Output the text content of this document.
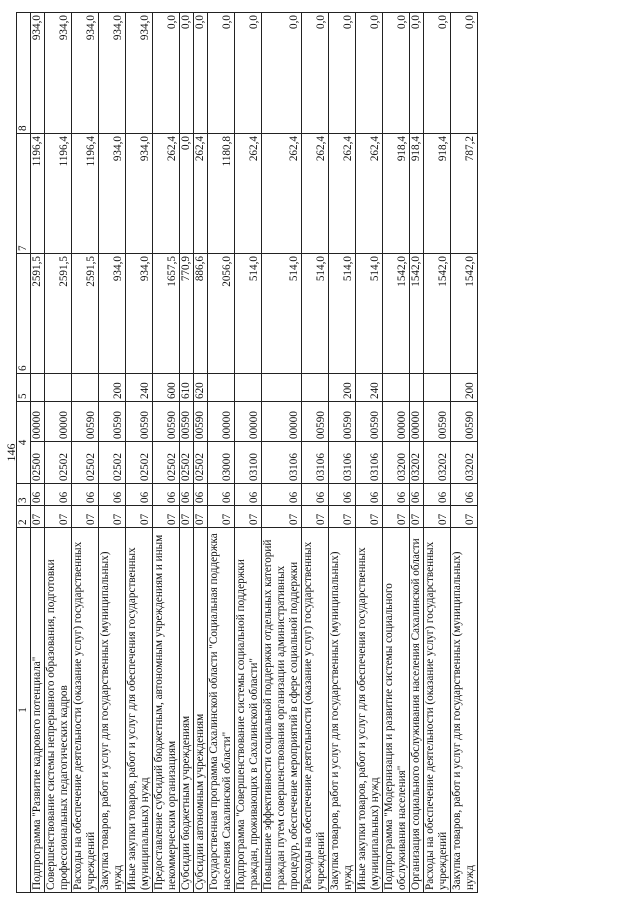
146
1	2	3	4		5	6	7	8
Подпрограмма "Развитие кадрового потенциала"	07	06	02500	00000		2591,5	1196,4	934,0
Совершенствование системы непрерывного образования, подготовки профессиональных педагогических кадров	07	06	02502	00000		2591,5	1196,4	934,0
Расходы на обеспечение деятельности (оказание услуг) государственных учреждений	07	06	02502	00590		2591,5	1196,4	934,0
Закупка товаров, работ и услуг для государственных (муниципальных) нужд	07	06	02502	00590	200	934,0	934,0	934,0
Иные закупки товаров, работ и услуг для обеспечения государственных (муниципальных) нужд	07	06	02502	00590	240	934,0	934,0	934,0
Предоставление субсидий бюджетным, автономным учреждениям и иным некоммерческим организациям	07	06	02502	00590	600	1657,5	262,4	0,0
Субсидии бюджетным учреждениям	07	06	02502	00590	610	770,9	0,0	0,0
Субсидии автономным учреждениям	07	06	02502	00590	620	886,6	262,4	0,0
Государственная программа Сахалинской области "Социальная поддержка населения Сахалинской области"	07	06	03000	00000		2056,0	1180,8	0,0
Подпрограмма "Совершенствование системы социальной поддержки граждан, проживающих в Сахалинской области"	07	06	03100	00000		514,0	262,4	0,0
Повышение эффективности социальной поддержки отдельных категорий граждан путем совершенствования организации административных процедур, обеспечение мероприятий в сфере социальной поддержки	07	06	03106	00000		514,0	262,4	0,0
Расходы на обеспечение деятельности (оказание услуг) государственных учреждений	07	06	03106	00590		514,0	262,4	0,0
Закупка товаров, работ и услуг для государственных (муниципальных) нужд	07	06	03106	00590	200	514,0	262,4	0,0
Иные закупки товаров, работ и услуг для обеспечения государственных (муниципальных) нужд	07	06	03106	00590	240	514,0	262,4	0,0
Подпрограмма "Модернизация и развитие системы социального обслуживания населения"	07	06	03200	00000		1542,0	918,4	0,0
Организация социального обслуживания населения Сахалинской области	07	06	03202	00000		1542,0	918,4	0,0
Расходы на обеспечение деятельности (оказание услуг) государственных учреждений	07	06	03202	00590		1542,0	918,4	0,0
Закупка товаров, работ и услуг для государственных (муниципальных) нужд	07	06	03202	00590	200	1542,0	787,2	0,0
